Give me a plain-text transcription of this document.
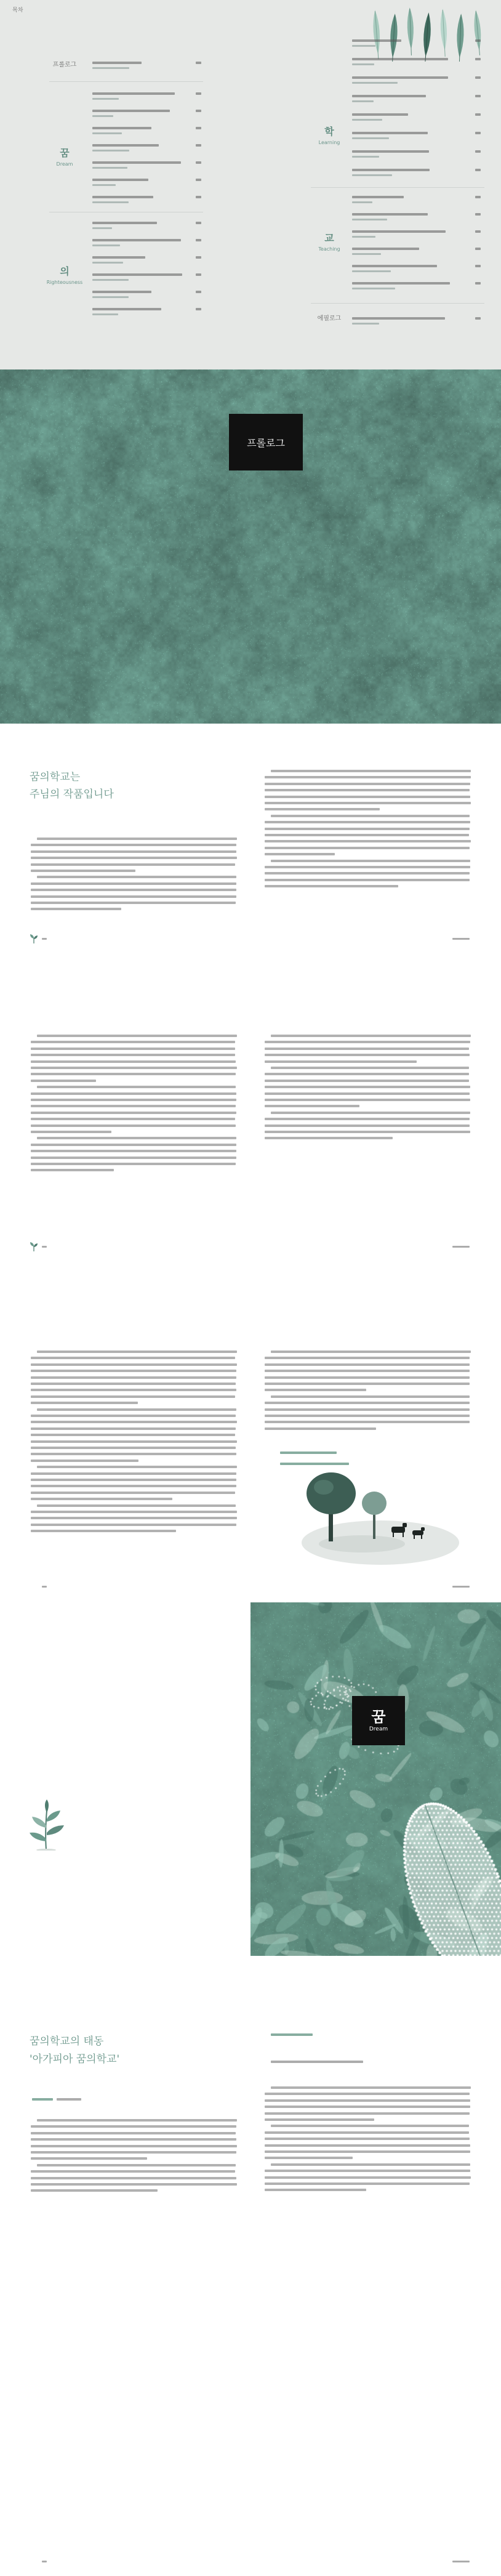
목차
프롤로그
꿈
Dream
의
Righteousness
학
Learning
교
Teaching
에필로그
프롤로그
꿈의학교는
주님의 작품입니다
꿈
Dream
꿈의학교의 태동
'아가피아 꿈의학교'
